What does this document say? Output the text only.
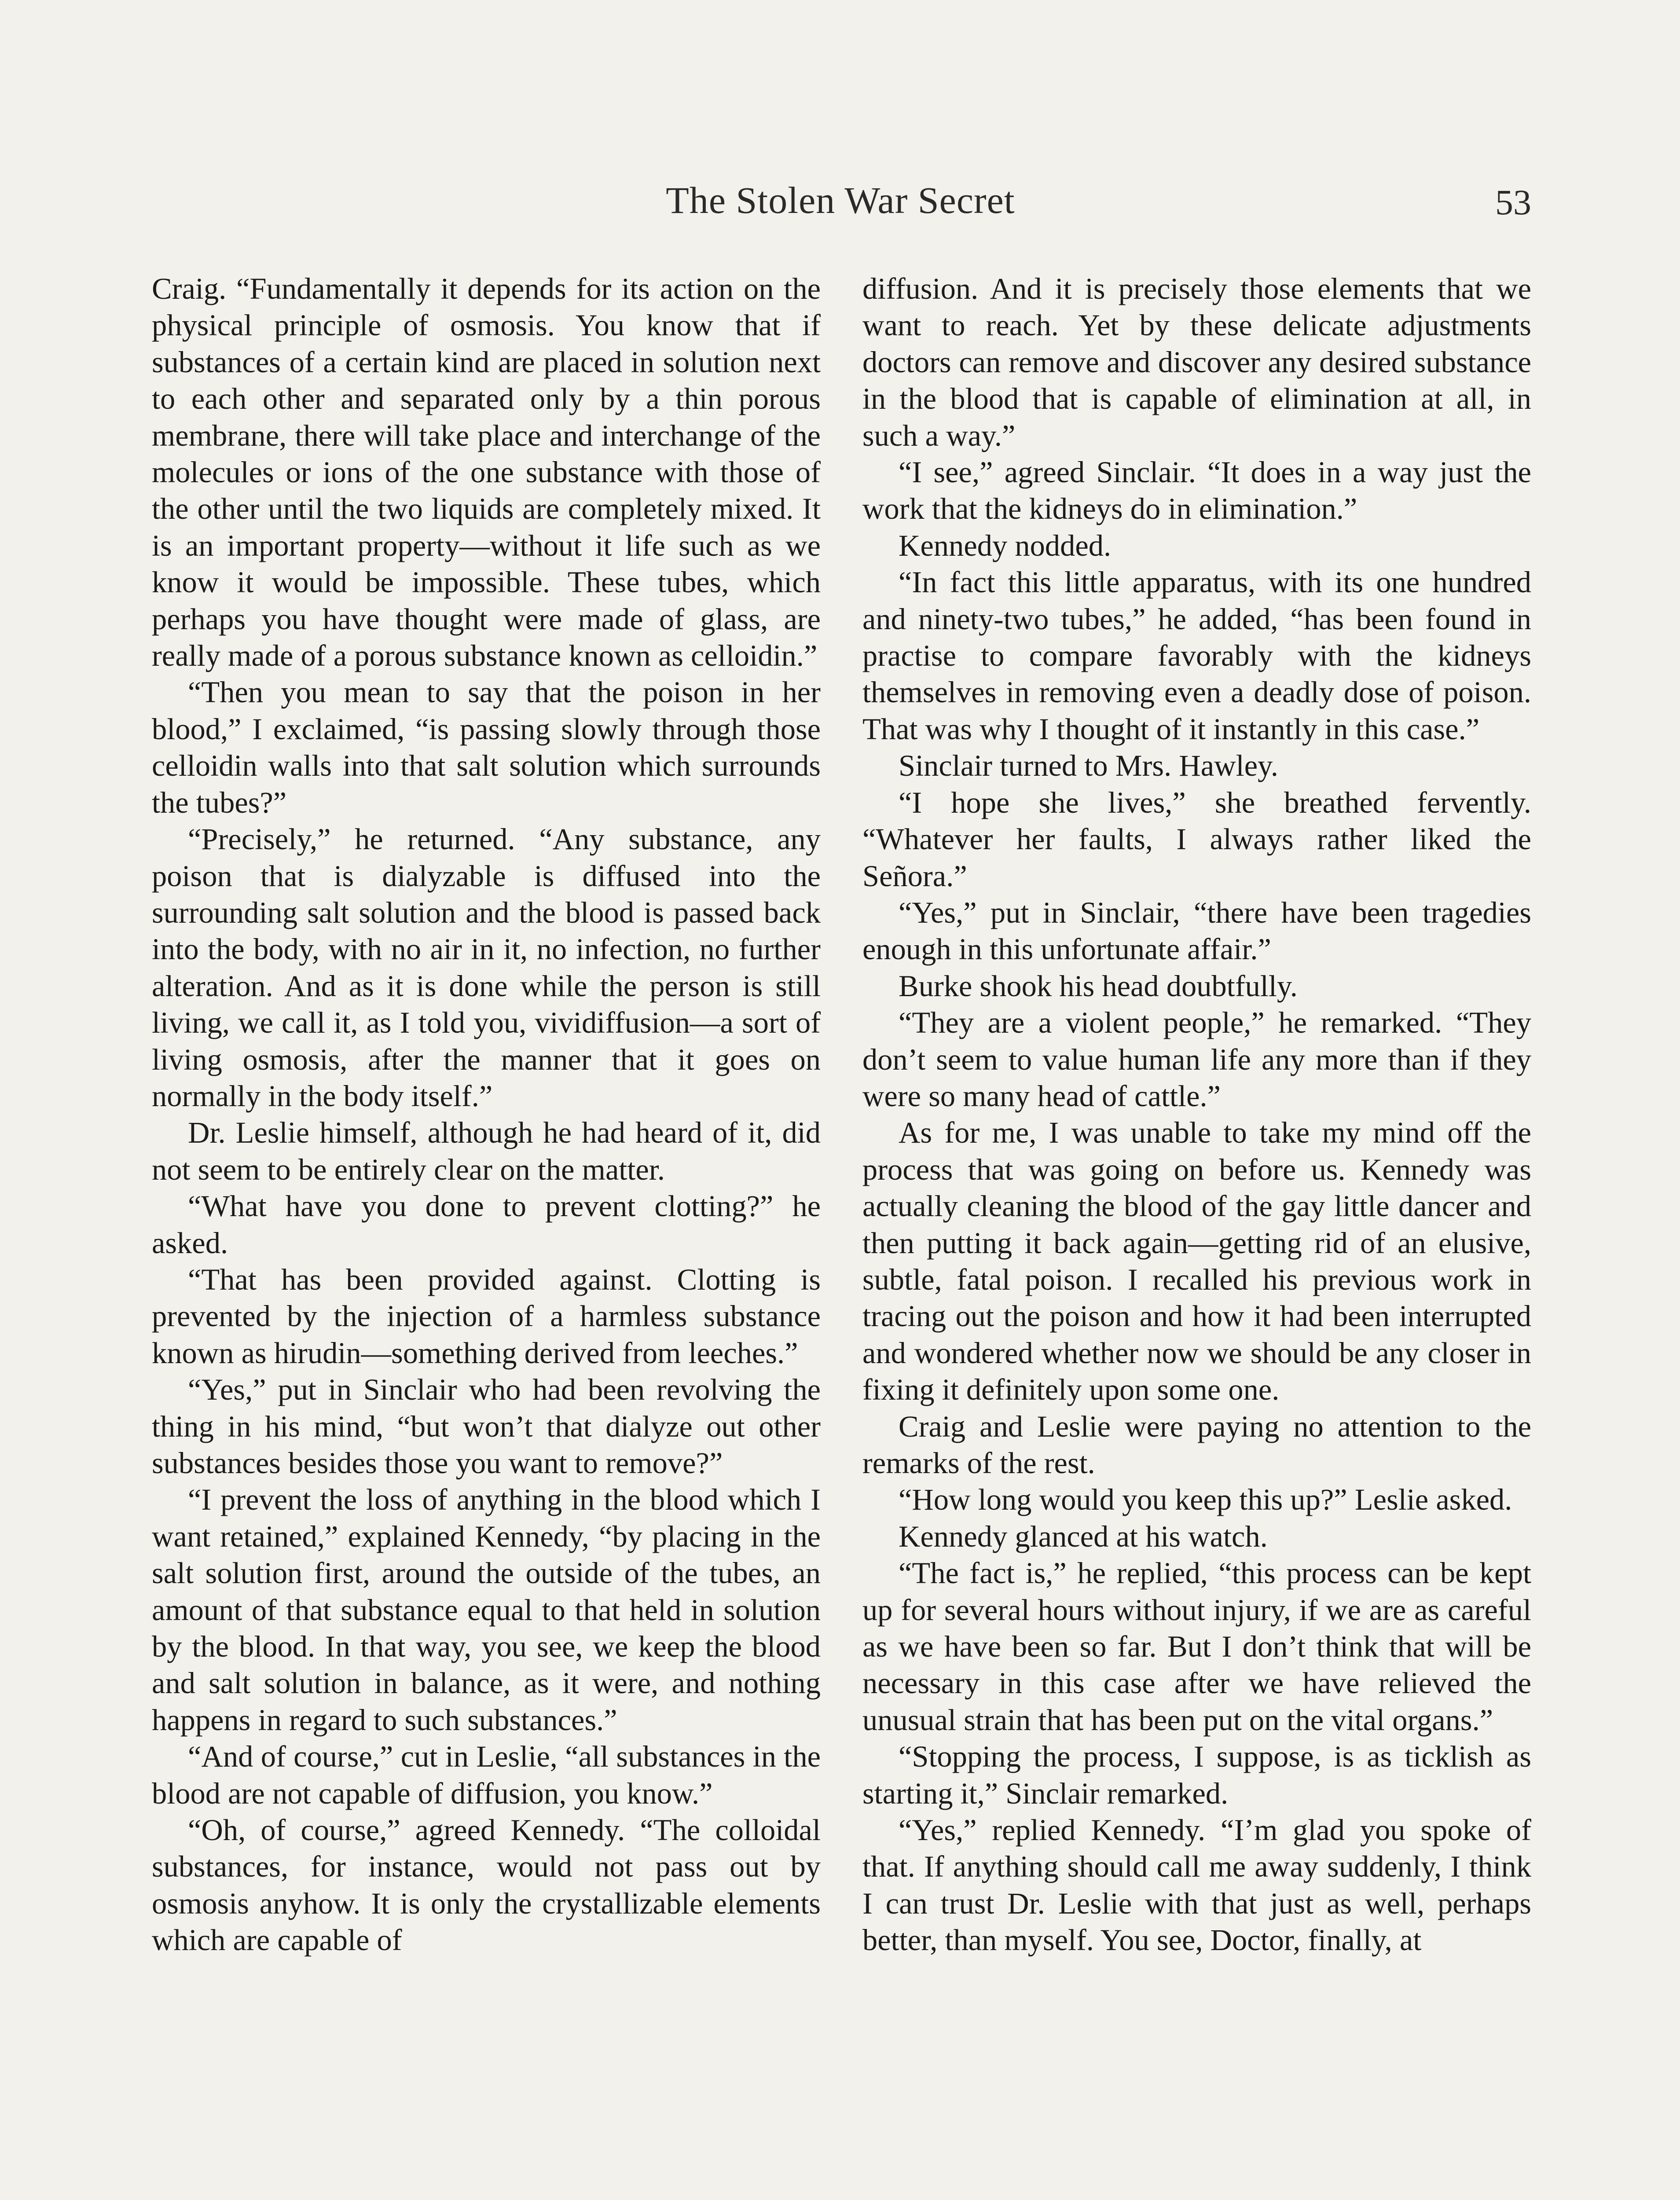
The Stolen War Secret	53

Craig. “Fundamentally it depends for its action on the physical principle of osmosis. You know that if substances of a certain kind are placed in solution next to each other and separated only by a thin porous membrane, there will take place and interchange of the molecules or ions of the one substance with those of the other until the two liquids are completely mixed. It is an important property—without it life such as we know it would be impossible. These tubes, which perhaps you have thought were made of glass, are really made of a porous substance known as celloidin.”

“Then you mean to say that the poison in her blood,” I exclaimed, “is passing slowly through those celloidin walls into that salt solution which surrounds the tubes?”

“Precisely,” he returned. “Any substance, any poison that is dialyzable is diffused into the surrounding salt solution and the blood is passed back into the body, with no air in it, no infection, no further alteration. And as it is done while the person is still living, we call it, as I told you, vividiffusion—a sort of living osmosis, after the manner that it goes on normally in the body itself.”

Dr. Leslie himself, although he had heard of it, did not seem to be entirely clear on the matter.

“What have you done to prevent clotting?” he asked.

“That has been provided against. Clotting is prevented by the injection of a harmless substance known as hirudin—something derived from leeches.”

“Yes,” put in Sinclair who had been revolving the thing in his mind, “but won’t that dialyze out other substances besides those you want to remove?”

“I prevent the loss of anything in the blood which I want retained,” explained Kennedy, “by placing in the salt solution first, around the outside of the tubes, an amount of that substance equal to that held in solution by the blood. In that way, you see, we keep the blood and salt solution in balance, as it were, and nothing happens in regard to such substances.”

“And of course,” cut in Leslie, “all substances in the blood are not capable of diffusion, you know.”

“Oh, of course,” agreed Kennedy. “The colloidal substances, for instance, would not pass out by osmosis anyhow. It is only the crystallizable elements which are capable of

diffusion. And it is precisely those elements that we want to reach. Yet by these delicate adjustments doctors can remove and discover any desired substance in the blood that is capable of elimination at all, in such a way.”

“I see,” agreed Sinclair. “It does in a way just the work that the kidneys do in elimination.”

Kennedy nodded.

“In fact this little apparatus, with its one hundred and ninety-two tubes,” he added, “has been found in practise to compare favorably with the kidneys themselves in removing even a deadly dose of poison. That was why I thought of it instantly in this case.”

Sinclair turned to Mrs. Hawley.

“I hope she lives,” she breathed fervently. “Whatever her faults, I always rather liked the Señora.”

“Yes,” put in Sinclair, “there have been tragedies enough in this unfortunate affair.”

Burke shook his head doubtfully.

“They are a violent people,” he remarked. “They don’t seem to value human life any more than if they were so many head of cattle.”

As for me, I was unable to take my mind off the process that was going on before us. Kennedy was actually cleaning the blood of the gay little dancer and then putting it back again—getting rid of an elusive, subtle, fatal poison. I recalled his previous work in tracing out the poison and how it had been interrupted and wondered whether now we should be any closer in fixing it definitely upon some one.

Craig and Leslie were paying no attention to the remarks of the rest.

“How long would you keep this up?” Leslie asked.

Kennedy glanced at his watch.

“The fact is,” he replied, “this process can be kept up for several hours without injury, if we are as careful as we have been so far. But I don’t think that will be necessary in this case after we have relieved the unusual strain that has been put on the vital organs.”

“Stopping the process, I suppose, is as ticklish as starting it,” Sinclair remarked.

“Yes,” replied Kennedy. “I’m glad you spoke of that. If anything should call me away suddenly, I think I can trust Dr. Leslie with that just as well, perhaps better, than myself. You see, Doctor, finally, at
